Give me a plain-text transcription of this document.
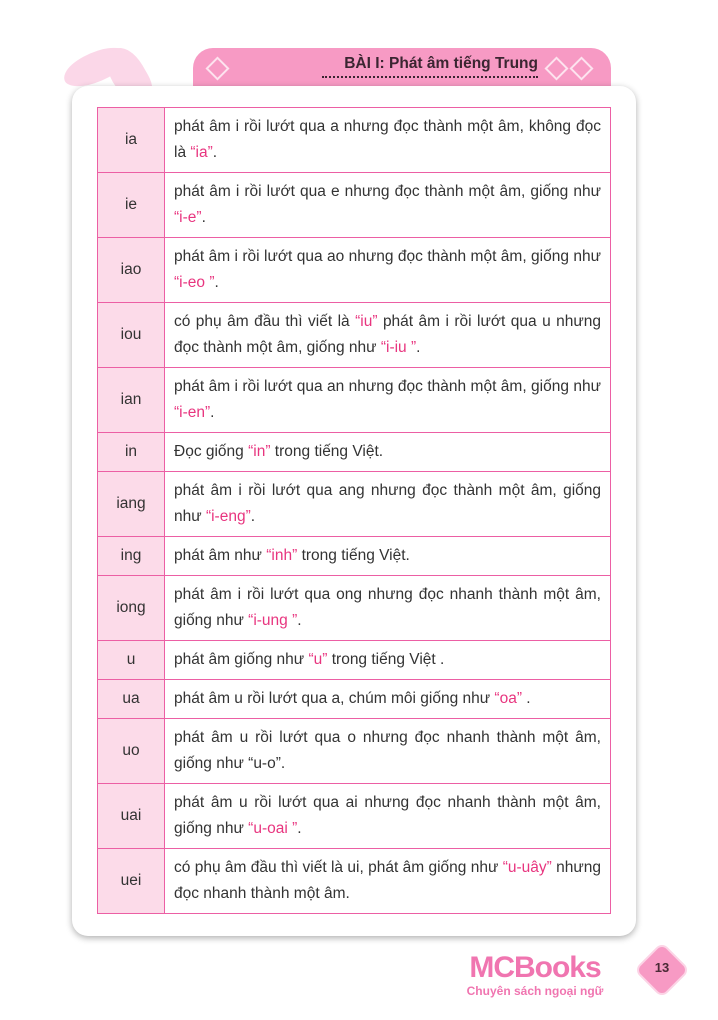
BÀI I: Phát âm tiếng Trung
ia	phát âm i rồi lướt qua a nhưng đọc thành một âm, không đọc là “ia”.
ie	phát âm i rồi lướt qua e nhưng đọc thành một âm, giống như “i-e”.
iao	phát âm i rồi lướt qua ao nhưng đọc thành một âm, giống như “i-eo ”.
iou	có phụ âm đầu thì viết là “iu” phát âm i rồi lướt qua u nhưng đọc thành một âm, giống như “i-iu ”.
ian	phát âm i rồi lướt qua an nhưng đọc thành một âm, giống như “i-en”.
in	Đọc giống “in” trong tiếng Việt.
iang	phát âm i rồi lướt qua ang nhưng đọc thành một âm, giống như “i-eng”.
ing	phát âm như “inh” trong tiếng Việt.
iong	phát âm i rồi lướt qua ong nhưng đọc nhanh thành một âm, giống như “i-ung ”.
u	phát âm giống như “u” trong tiếng Việt .
ua	phát âm u rồi lướt qua a, chúm môi giống như “oa” .
uo	phát âm u rồi lướt qua o nhưng đọc nhanh thành một âm, giống như “u-o”.
uai	phát âm u rồi lướt qua ai nhưng đọc nhanh thành một âm, giống như “u-oai ”.
uei	có phụ âm đầu thì viết là ui, phát âm giống như “u-uây” nhưng đọc nhanh thành một âm.
MCBooks
Chuyên sách ngoại ngữ
13
